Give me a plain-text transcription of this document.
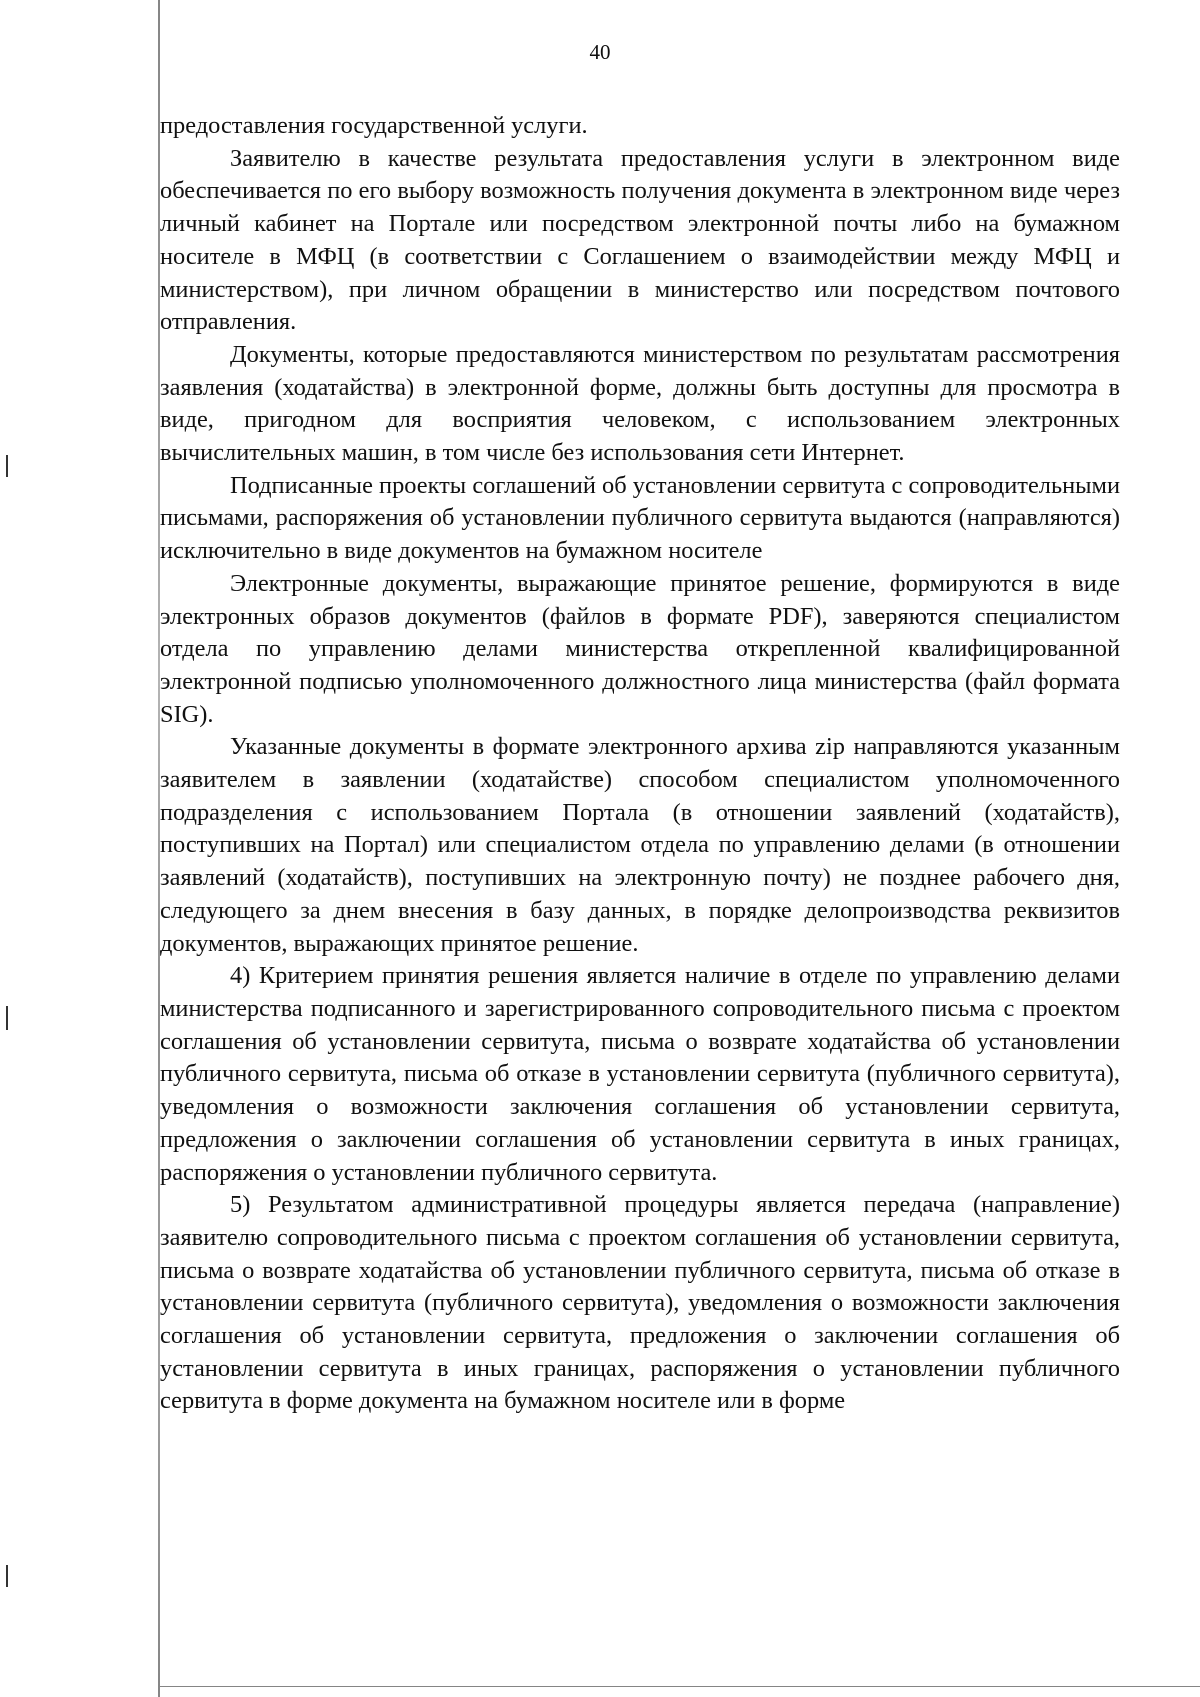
40

предоставления государственной услуги.

Заявителю в качестве результата предоставления услуги в электронном виде обеспечивается по его выбору возможность получения документа в электронном виде через личный кабинет на Портале или посредством электронной почты либо на бумажном носителе в МФЦ (в соответствии с Соглашением о взаимодействии между МФЦ и министерством), при личном обращении в министерство или посредством почтового отправления.

Документы, которые предоставляются министерством по результатам рассмотрения заявления (ходатайства) в электронной форме, должны быть доступны для просмотра в виде, пригодном для восприятия человеком, с использованием электронных вычислительных машин, в том числе без использования сети Интернет.

Подписанные проекты соглашений об установлении сервитута с сопроводительными письмами, распоряжения об установлении публичного сервитута выдаются (направляются) исключительно в виде документов на бумажном носителе

Электронные документы, выражающие принятое решение, формируются в виде электронных образов документов (файлов в формате PDF), заверяются специалистом отдела по управлению делами министерства открепленной квалифицированной электронной подписью уполномоченного должностного лица министерства (файл формата SIG).

Указанные документы в формате электронного архива zip направляются указанным заявителем в заявлении (ходатайстве) способом специалистом уполномоченного подразделения с использованием Портала (в отношении заявлений (ходатайств), поступивших на Портал) или специалистом отдела по управлению делами (в отношении заявлений (ходатайств), поступивших на электронную почту) не позднее рабочего дня, следующего за днем внесения в базу данных, в порядке делопроизводства реквизитов документов, выражающих принятое решение.

4) Критерием принятия решения является наличие в отделе по управлению делами министерства подписанного и зарегистрированного сопроводительного письма с проектом соглашения об установлении сервитута, письма о возврате ходатайства об установлении публичного сервитута, письма об отказе в установлении сервитута (публичного сервитута), уведомления о возможности заключения соглашения об установлении сервитута, предложения о заключении соглашения об установлении сервитута в иных границах, распоряжения о установлении публичного сервитута.

5) Результатом административной процедуры является передача (направление) заявителю сопроводительного письма с проектом соглашения об установлении сервитута, письма о возврате ходатайства об установлении публичного сервитута, письма об отказе в установлении сервитута (публичного сервитута), уведомления о возможности заключения соглашения об установлении сервитута, предложения о заключении соглашения об установлении сервитута в иных границах, распоряжения о установлении публичного сервитута в форме документа на бумажном носителе или в форме
